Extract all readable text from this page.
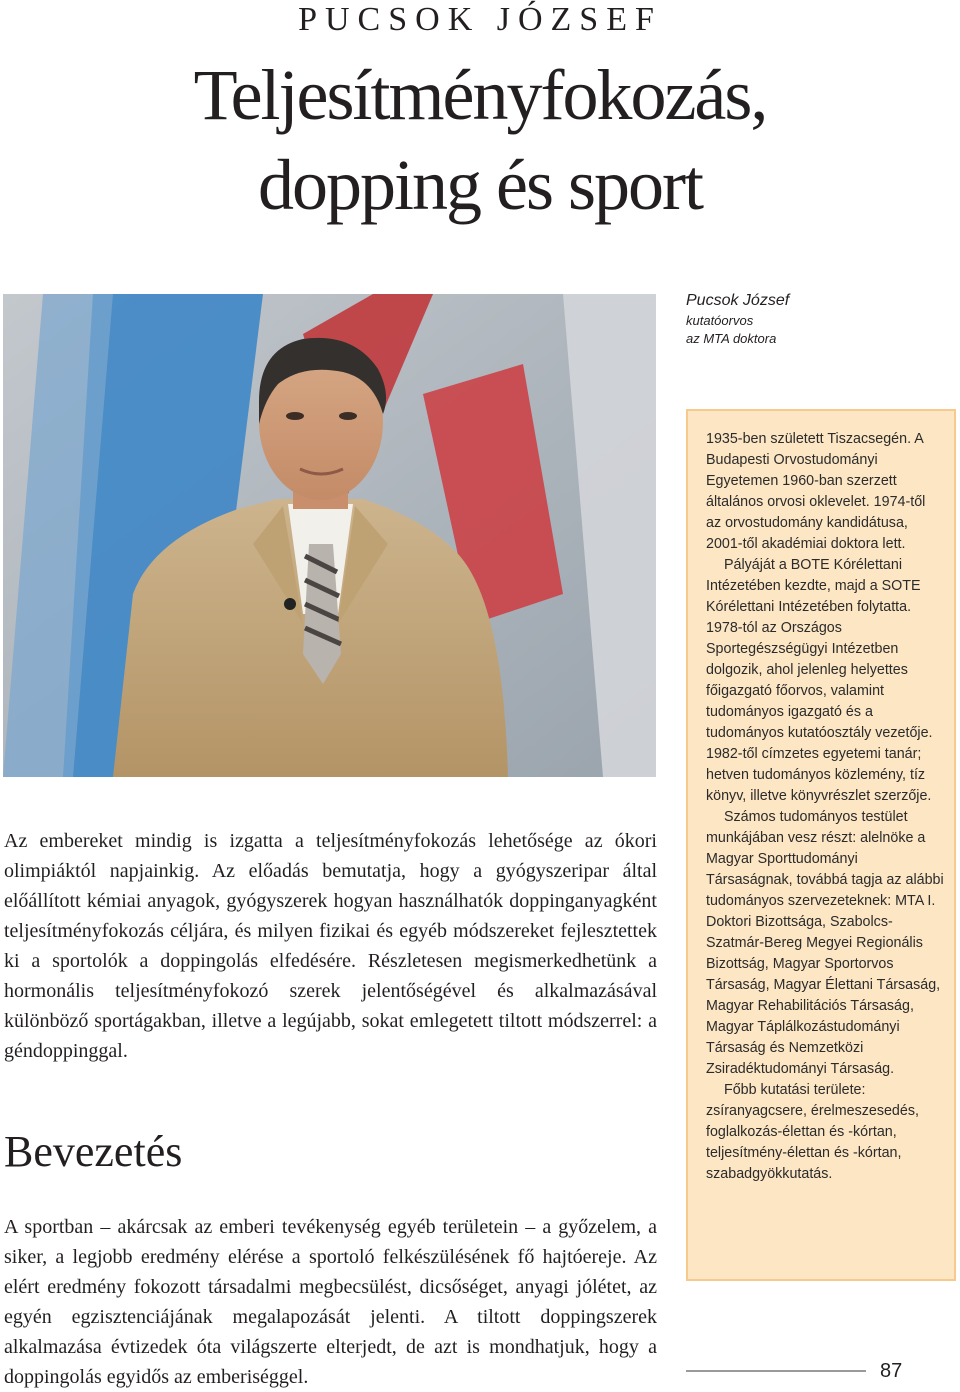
PUCSOK JÓZSEF
Teljesítményfokozás,
dopping és sport
Pucsok József
kutatóorvos
az MTA doktora

1935-ben született Tiszacsegén. A Budapesti Orvostudományi Egyetemen 1960-ban szerzett általános orvosi oklevelet. 1974-től az orvostudomány kandidátusa, 2001-től akadémiai doktora lett.

Pályáját a BOTE Kórélettani Intézetében kezdte, majd a SOTE Kórélettani Intézetében folytatta. 1978-tól az Országos Sportegészségügyi Intézetben dolgozik, ahol jelenleg helyettes főigazgató főorvos, valamint tudományos igazgató és a tudományos kutatóosztály vezetője. 1982-től címzetes egyetemi tanár; hetven tudományos közlemény, tíz könyv, illetve könyvrészlet szerzője.

Számos tudományos testület munkájában vesz részt: alelnöke a Magyar Sporttudományi Társaságnak, továbbá tagja az alábbi tudományos szervezeteknek: MTA I. Doktori Bizottsága, Szabolcs-Szatmár-Bereg Megyei Regionális Bizottság, Magyar Sportorvos Társaság, Magyar Élettani Társaság, Magyar Rehabilitációs Társaság, Magyar Táplálkozástudományi Társaság és Nemzetközi Zsiradéktudományi Társaság.

Főbb kutatási területe: zsíranyagcsere, érelmeszesedés, foglalkozás-élettan és -kórtan, teljesítmény-élettan és -kórtan, szabadgyökkutatás.

Az embereket mindig is izgatta a teljesítményfokozás lehetősége az ókori olimpiáktól napjainkig. Az előadás bemutatja, hogy a gyógyszeripar által előállított kémiai anyagok, gyógyszerek hogyan használhatók doppinganyagként teljesítményfokozás céljára, és milyen fizikai és egyéb módszereket fejlesztettek ki a sportolók a doppingolás elfedésére. Részletesen megismerkedhetünk a hormonális teljesítményfokozó szerek jelentőségével és alkalmazásával különböző sportágakban, illetve a legújabb, sokat emlegetett tiltott módszerrel: a géndoppinggal.

Bevezetés

A sportban – akárcsak az emberi tevékenység egyéb területein – a győzelem, a siker, a legjobb eredmény elérése a sportoló felkészülésének fő hajtóereje. Az elért eredmény fokozott társadalmi megbecsülést, dicsőséget, anyagi jólétet, az egyén egzisztenciájának megalapozását jelenti. A tiltott doppingszerek alkalmazása évtizedek óta világszerte elterjedt, de azt is mondhatjuk, hogy a doppingolás egyidős az emberiséggel.	87
